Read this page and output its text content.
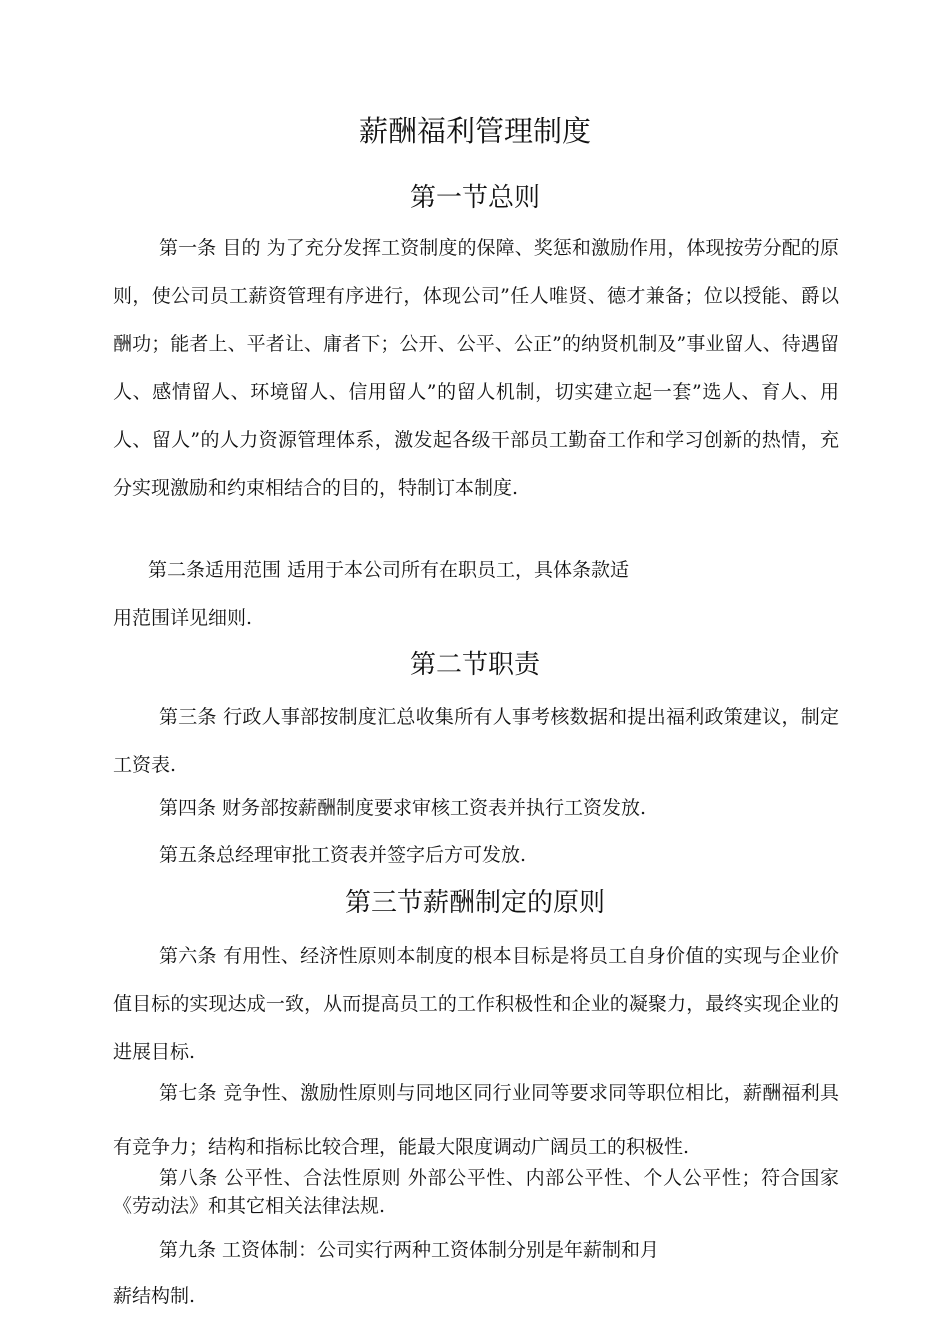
薪酬福利管理制度
第一节总则

第一条 目的 为了充分发挥工资制度的保障、奖惩和激励作用，体现按劳分配的原则，使公司员工薪资管理有序进行，体现公司”任人唯贤、德才兼备；位以授能、爵以酬功；能者上、平者让、庸者下；公开、公平、公正”的纳贤机制及”事业留人、待遇留人、感情留人、环境留人、信用留人”的留人机制，切实建立起一套”选人、育人、用人、留人”的人力资源管理体系，激发起各级干部员工勤奋工作和学习创新的热情，充分实现激励和约束相结合的目的，特制订本制度.

第二条适用范围 适用于本公司所有在职员工，具体条款适

用范围详见细则.

第二节职责

第三条 行政人事部按制度汇总收集所有人事考核数据和提出福利政策建议，制定工资表.

第四条 财务部按薪酬制度要求审核工资表并执行工资发放.

第五条总经理审批工资表并签字后方可发放.

第三节薪酬制定的原则

第六条 有用性、经济性原则本制度的根本目标是将员工自身价值的实现与企业价值目标的实现达成一致，从而提高员工的工作积极性和企业的凝聚力，最终实现企业的进展目标.

第七条 竞争性、激励性原则与同地区同行业同等要求同等职位相比，薪酬福利具有竞争力；结构和指标比较合理，能最大限度调动广阔员工的积极性.

第八条 公平性、合法性原则 外部公平性、内部公平性、个人公平性；符合国家《劳动法》和其它相关法律法规.

第九条 工资体制：公司实行两种工资体制分别是年薪制和月

薪结构制.
